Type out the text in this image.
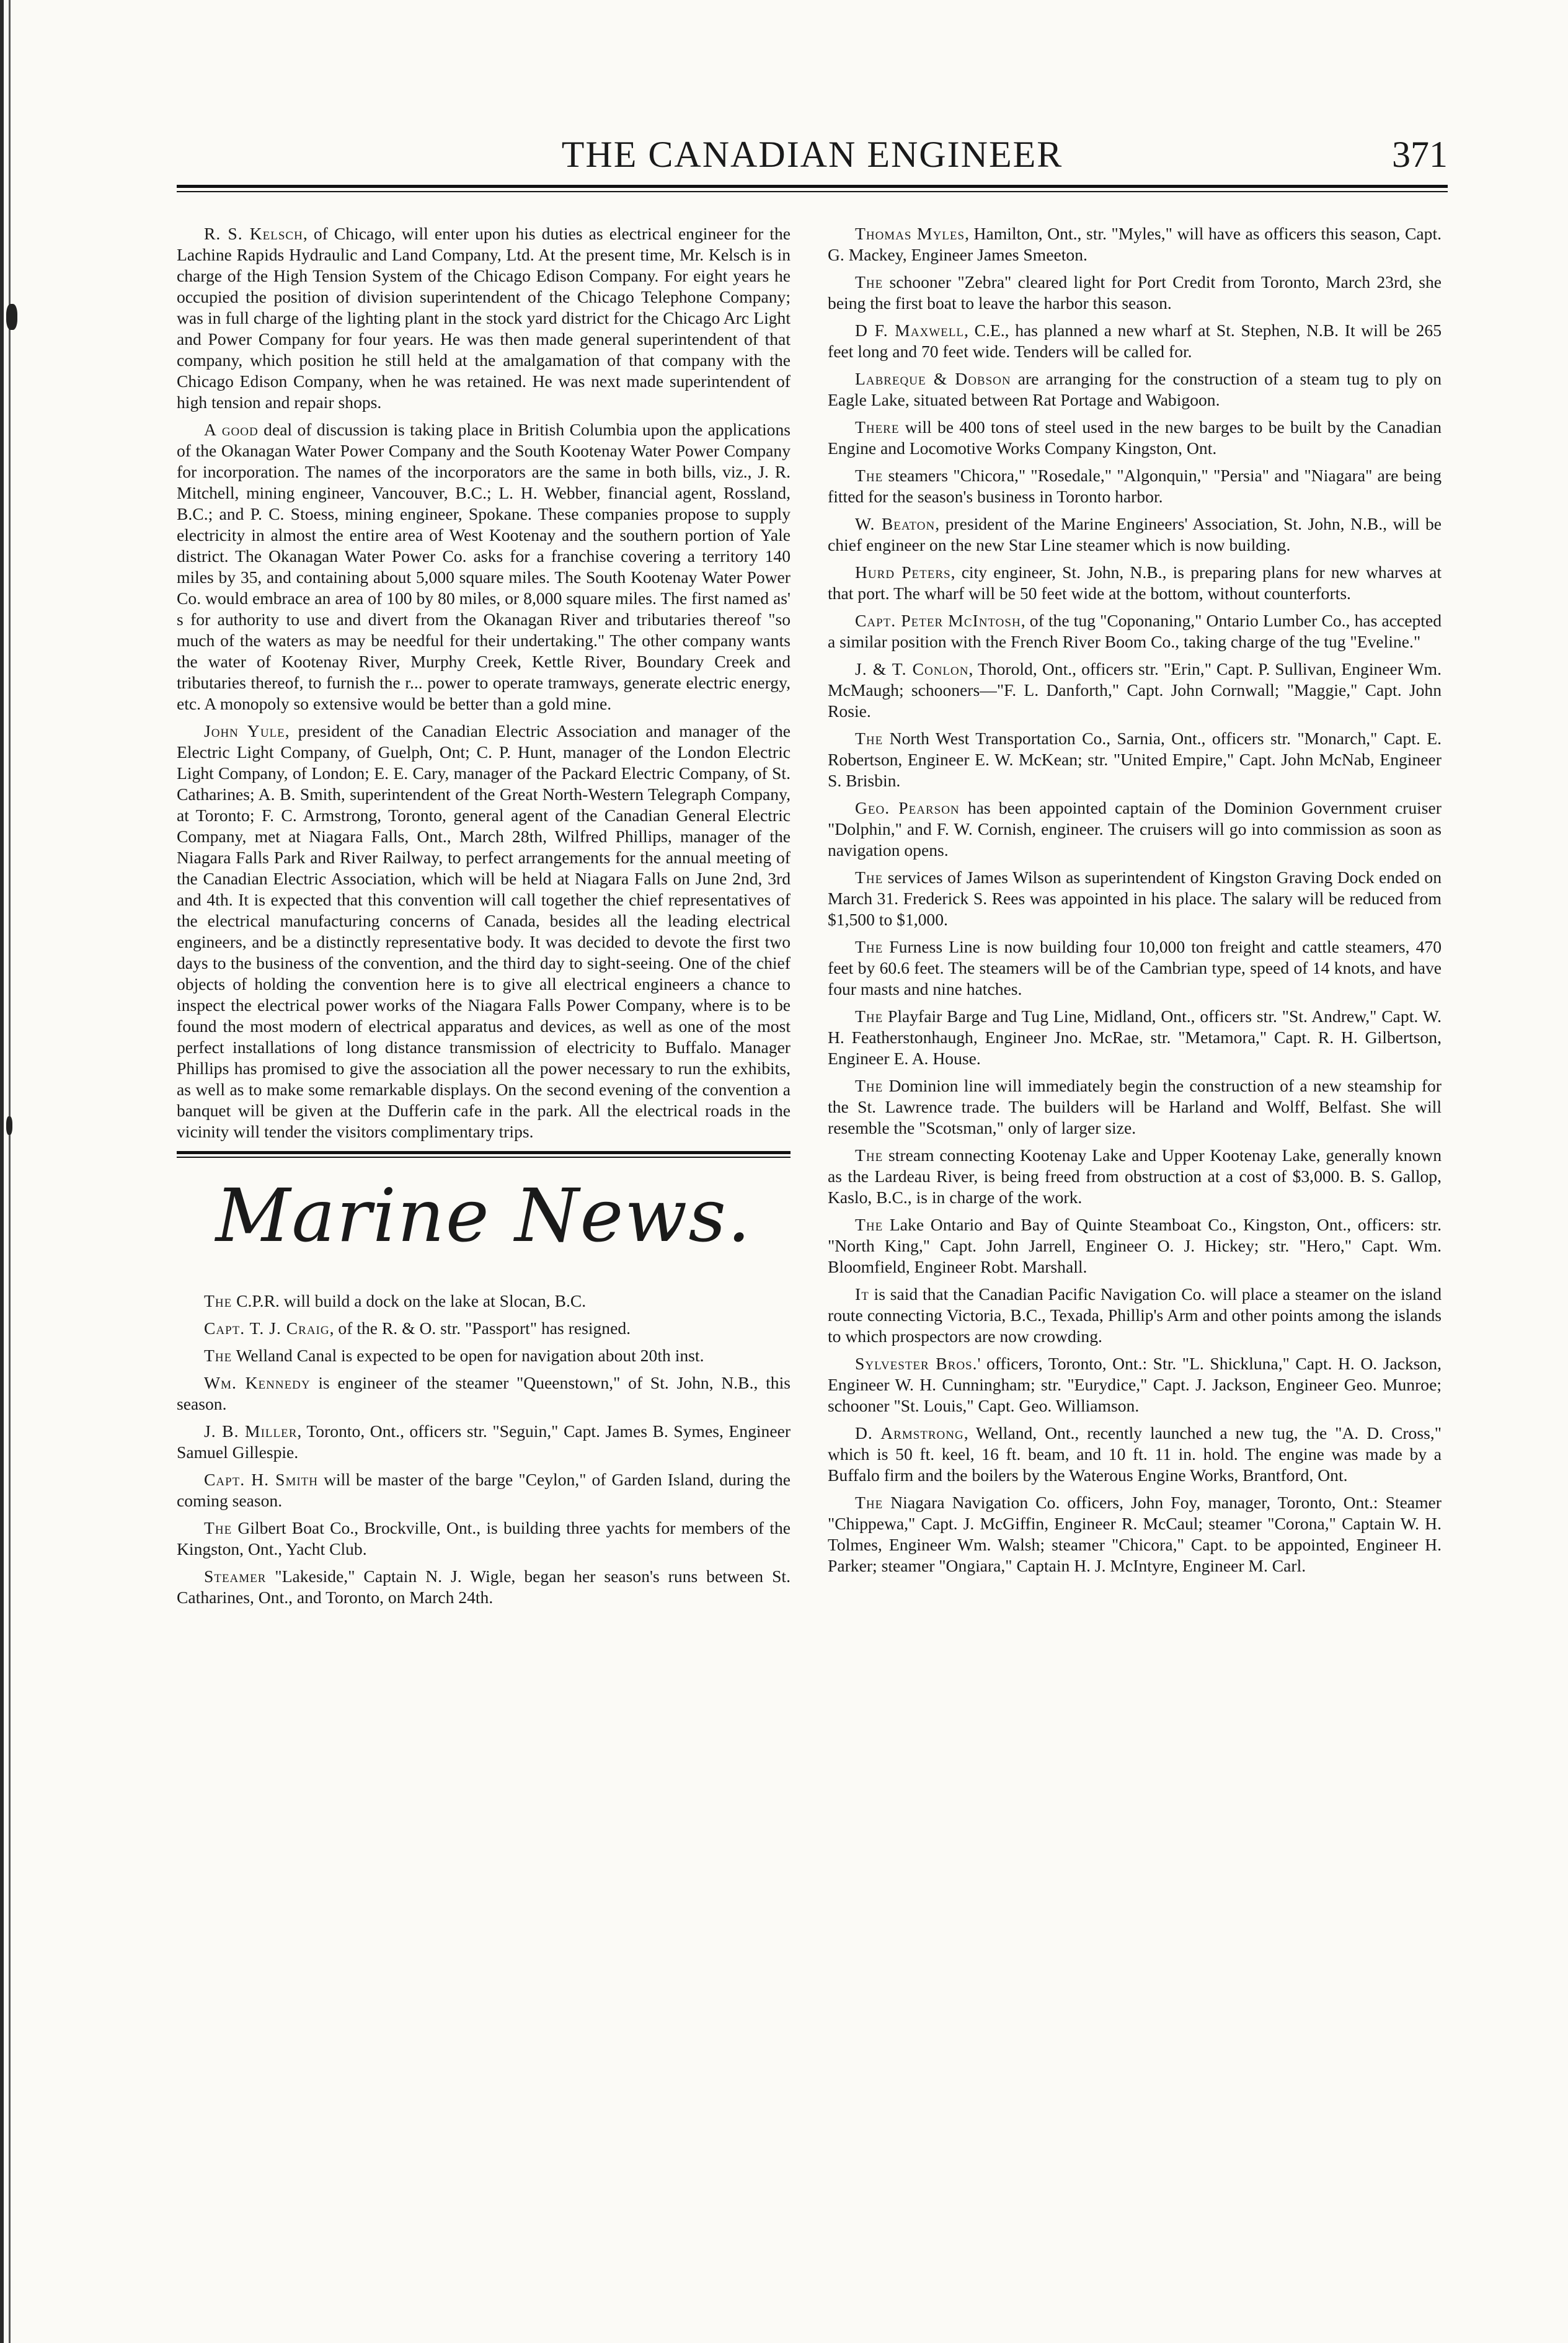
THE CANADIAN ENGINEER	371

R. S. Kelsch, of Chicago, will enter upon his duties as electrical engineer for the Lachine Rapids Hydraulic and Land Company, Ltd. At the present time, Mr. Kelsch is in charge of the High Tension System of the Chicago Edison Company. For eight years he occupied the position of division superintendent of the Chicago Telephone Company; was in full charge of the lighting plant in the stock yard district for the Chicago Arc Light and Power Company for four years. He was then made general superintendent of that company, which position he still held at the amalgamation of that company with the Chicago Edison Company, when he was retained. He was next made superintendent of high tension and repair shops.

A good deal of discussion is taking place in British Columbia upon the applications of the Okanagan Water Power Company and the South Kootenay Water Power Company for incorporation. The names of the incorporators are the same in both bills, viz., J. R. Mitchell, mining engineer, Vancouver, B.C.; L. H. Webber, financial agent, Rossland, B.C.; and P. C. Stoess, mining engineer, Spokane. These companies propose to supply electricity in almost the entire area of West Kootenay and the southern portion of Yale district. The Okanagan Water Power Co. asks for a franchise covering a territory 140 miles by 35, and containing about 5,000 square miles. The South Kootenay Water Power Co. would embrace an area of 100 by 80 miles, or 8,000 square miles. The first named as' s for authority to use and divert from the Okanagan River and tributaries thereof "so much of the waters as may be needful for their undertaking." The other company wants the water of Kootenay River, Murphy Creek, Kettle River, Boundary Creek and tributaries thereof, to furnish the r... power to operate tramways, generate electric energy, etc. A monopoly so extensive would be better than a gold mine.

John Yule, president of the Canadian Electric Association and manager of the Electric Light Company, of Guelph, Ont; C. P. Hunt, manager of the London Electric Light Company, of London; E. E. Cary, manager of the Packard Electric Company, of St. Catharines; A. B. Smith, superintendent of the Great North-Western Telegraph Company, at Toronto; F. C. Armstrong, Toronto, general agent of the Canadian General Electric Company, met at Niagara Falls, Ont., March 28th, Wilfred Phillips, manager of the Niagara Falls Park and River Railway, to perfect arrangements for the annual meeting of the Canadian Electric Association, which will be held at Niagara Falls on June 2nd, 3rd and 4th. It is expected that this convention will call together the chief representatives of the electrical manufacturing concerns of Canada, besides all the leading electrical engineers, and be a distinctly representative body. It was decided to devote the first two days to the business of the convention, and the third day to sight-seeing. One of the chief objects of holding the convention here is to give all electrical engineers a chance to inspect the electrical power works of the Niagara Falls Power Company, where is to be found the most modern of electrical apparatus and devices, as well as one of the most perfect installations of long distance transmission of electricity to Buffalo. Manager Phillips has promised to give the association all the power necessary to run the exhibits, as well as to make some remarkable displays. On the second evening of the convention a banquet will be given at the Dufferin cafe in the park. All the electrical roads in the vicinity will tender the visitors complimentary trips.

Marine News.

The C.P.R. will build a dock on the lake at Slocan, B.C.

Capt. T. J. Craig, of the R. & O. str. "Passport" has resigned.

The Welland Canal is expected to be open for navigation about 20th inst.

Wm. Kennedy is engineer of the steamer "Queenstown," of St. John, N.B., this season.

J. B. Miller, Toronto, Ont., officers str. "Seguin," Capt. James B. Symes, Engineer Samuel Gillespie.

Capt. H. Smith will be master of the barge "Ceylon," of Garden Island, during the coming season.

The Gilbert Boat Co., Brockville, Ont., is building three yachts for members of the Kingston, Ont., Yacht Club.

Steamer "Lakeside," Captain N. J. Wigle, began her season's runs between St. Catharines, Ont., and Toronto, on March 24th.

Thomas Myles, Hamilton, Ont., str. "Myles," will have as officers this season, Capt. G. Mackey, Engineer James Smeeton.

The schooner "Zebra" cleared light for Port Credit from Toronto, March 23rd, she being the first boat to leave the harbor this season.

D F. Maxwell, C.E., has planned a new wharf at St. Stephen, N.B. It will be 265 feet long and 70 feet wide. Tenders will be called for.

Labreque & Dobson are arranging for the construction of a steam tug to ply on Eagle Lake, situated between Rat Portage and Wabigoon.

There will be 400 tons of steel used in the new barges to be built by the Canadian Engine and Locomotive Works Company Kingston, Ont.

The steamers "Chicora," "Rosedale," "Algonquin," "Persia" and "Niagara" are being fitted for the season's business in Toronto harbor.

W. Beaton, president of the Marine Engineers' Association, St. John, N.B., will be chief engineer on the new Star Line steamer which is now building.

Hurd Peters, city engineer, St. John, N.B., is preparing plans for new wharves at that port. The wharf will be 50 feet wide at the bottom, without counterforts.

Capt. Peter McIntosh, of the tug "Coponaning," Ontario Lumber Co., has accepted a similar position with the French River Boom Co., taking charge of the tug "Eveline."

J. & T. Conlon, Thorold, Ont., officers str. "Erin," Capt. P. Sullivan, Engineer Wm. McMaugh; schooners—"F. L. Danforth," Capt. John Cornwall; "Maggie," Capt. John Rosie.

The North West Transportation Co., Sarnia, Ont., officers str. "Monarch," Capt. E. Robertson, Engineer E. W. McKean; str. "United Empire," Capt. John McNab, Engineer S. Brisbin.

Geo. Pearson has been appointed captain of the Dominion Government cruiser "Dolphin," and F. W. Cornish, engineer. The cruisers will go into commission as soon as navigation opens.

The services of James Wilson as superintendent of Kingston Graving Dock ended on March 31. Frederick S. Rees was appointed in his place. The salary will be reduced from $1,500 to $1,000.

The Furness Line is now building four 10,000 ton freight and cattle steamers, 470 feet by 60.6 feet. The steamers will be of the Cambrian type, speed of 14 knots, and have four masts and nine hatches.

The Playfair Barge and Tug Line, Midland, Ont., officers str. "St. Andrew," Capt. W. H. Featherstonhaugh, Engineer Jno. McRae, str. "Metamora," Capt. R. H. Gilbertson, Engineer E. A. House.

The Dominion line will immediately begin the construction of a new steamship for the St. Lawrence trade. The builders will be Harland and Wolff, Belfast. She will resemble the "Scotsman," only of larger size.

The stream connecting Kootenay Lake and Upper Kootenay Lake, generally known as the Lardeau River, is being freed from obstruction at a cost of $3,000. B. S. Gallop, Kaslo, B.C., is in charge of the work.

The Lake Ontario and Bay of Quinte Steamboat Co., Kingston, Ont., officers: str. "North King," Capt. John Jarrell, Engineer O. J. Hickey; str. "Hero," Capt. Wm. Bloomfield, Engineer Robt. Marshall.

It is said that the Canadian Pacific Navigation Co. will place a steamer on the island route connecting Victoria, B.C., Texada, Phillip's Arm and other points among the islands to which prospectors are now crowding.

Sylvester Bros.' officers, Toronto, Ont.: Str. "L. Shickluna," Capt. H. O. Jackson, Engineer W. H. Cunningham; str. "Eurydice," Capt. J. Jackson, Engineer Geo. Munroe; schooner "St. Louis," Capt. Geo. Williamson.

D. Armstrong, Welland, Ont., recently launched a new tug, the "A. D. Cross," which is 50 ft. keel, 16 ft. beam, and 10 ft. 11 in. hold. The engine was made by a Buffalo firm and the boilers by the Waterous Engine Works, Brantford, Ont.

The Niagara Navigation Co. officers, John Foy, manager, Toronto, Ont.: Steamer "Chippewa," Capt. J. McGiffin, Engineer R. McCaul; steamer "Corona," Captain W. H. Tolmes, Engineer Wm. Walsh; steamer "Chicora," Capt. to be appointed, Engineer H. Parker; steamer "Ongiara," Captain H. J. McIntyre, Engineer M. Carl.
